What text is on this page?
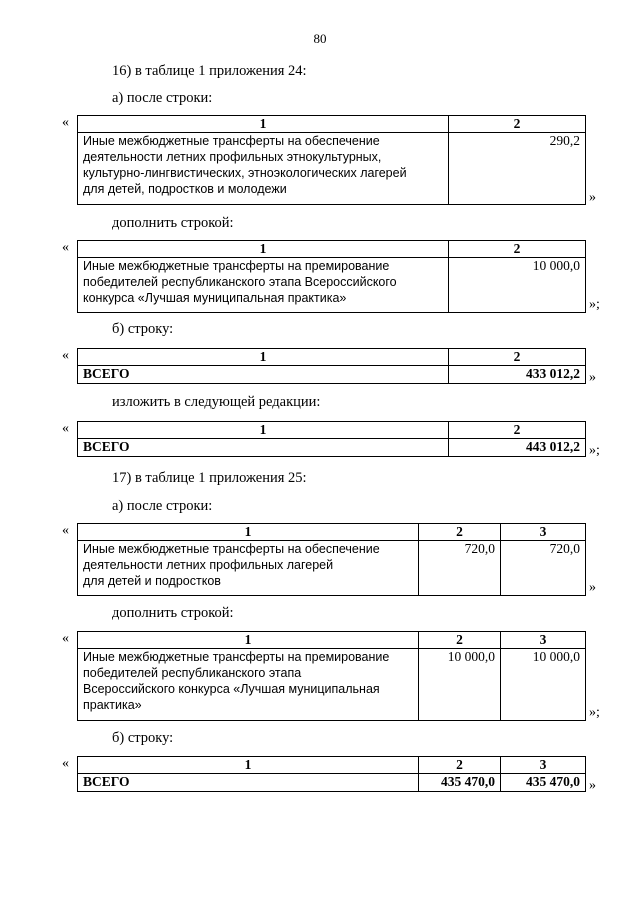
80
16) в таблице 1 приложения 24:
а) после строки:
«	1	2

Иные межбюджетные трансферты на обеспечение
деятельности летних профильных этнокультурных,
культурно-лингвистических, этноэкологических лагерей
для детей, подростков и молодежи	290,2
»
дополнить строкой:
«	1	2

Иные межбюджетные трансферты на премирование
победителей республиканского этапа Всероссийского
конкурса «Лучшая муниципальная практика»	10 000,0
»;
б) строку:
«	1	2
ВСЕГО	433 012,2 »
изложить в следующей редакции:
«	1	2
ВСЕГО	443 012,2 »;
17) в таблице 1 приложения 25:
а) после строки:
«	1	2	3

Иные межбюджетные трансферты на обеспечение
деятельности летних профильных лагерей
для детей и подростков	720,0	720,0
»
дополнить строкой:
«	1	2	3

Иные межбюджетные трансферты на премирование
победителей республиканского этапа
Всероссийского конкурса «Лучшая муниципальная
практика»	10 000,0	10 000,0
»;
б) строку:
«	1	2	3
ВСЕГО	435 470,0	435 470,0 »
